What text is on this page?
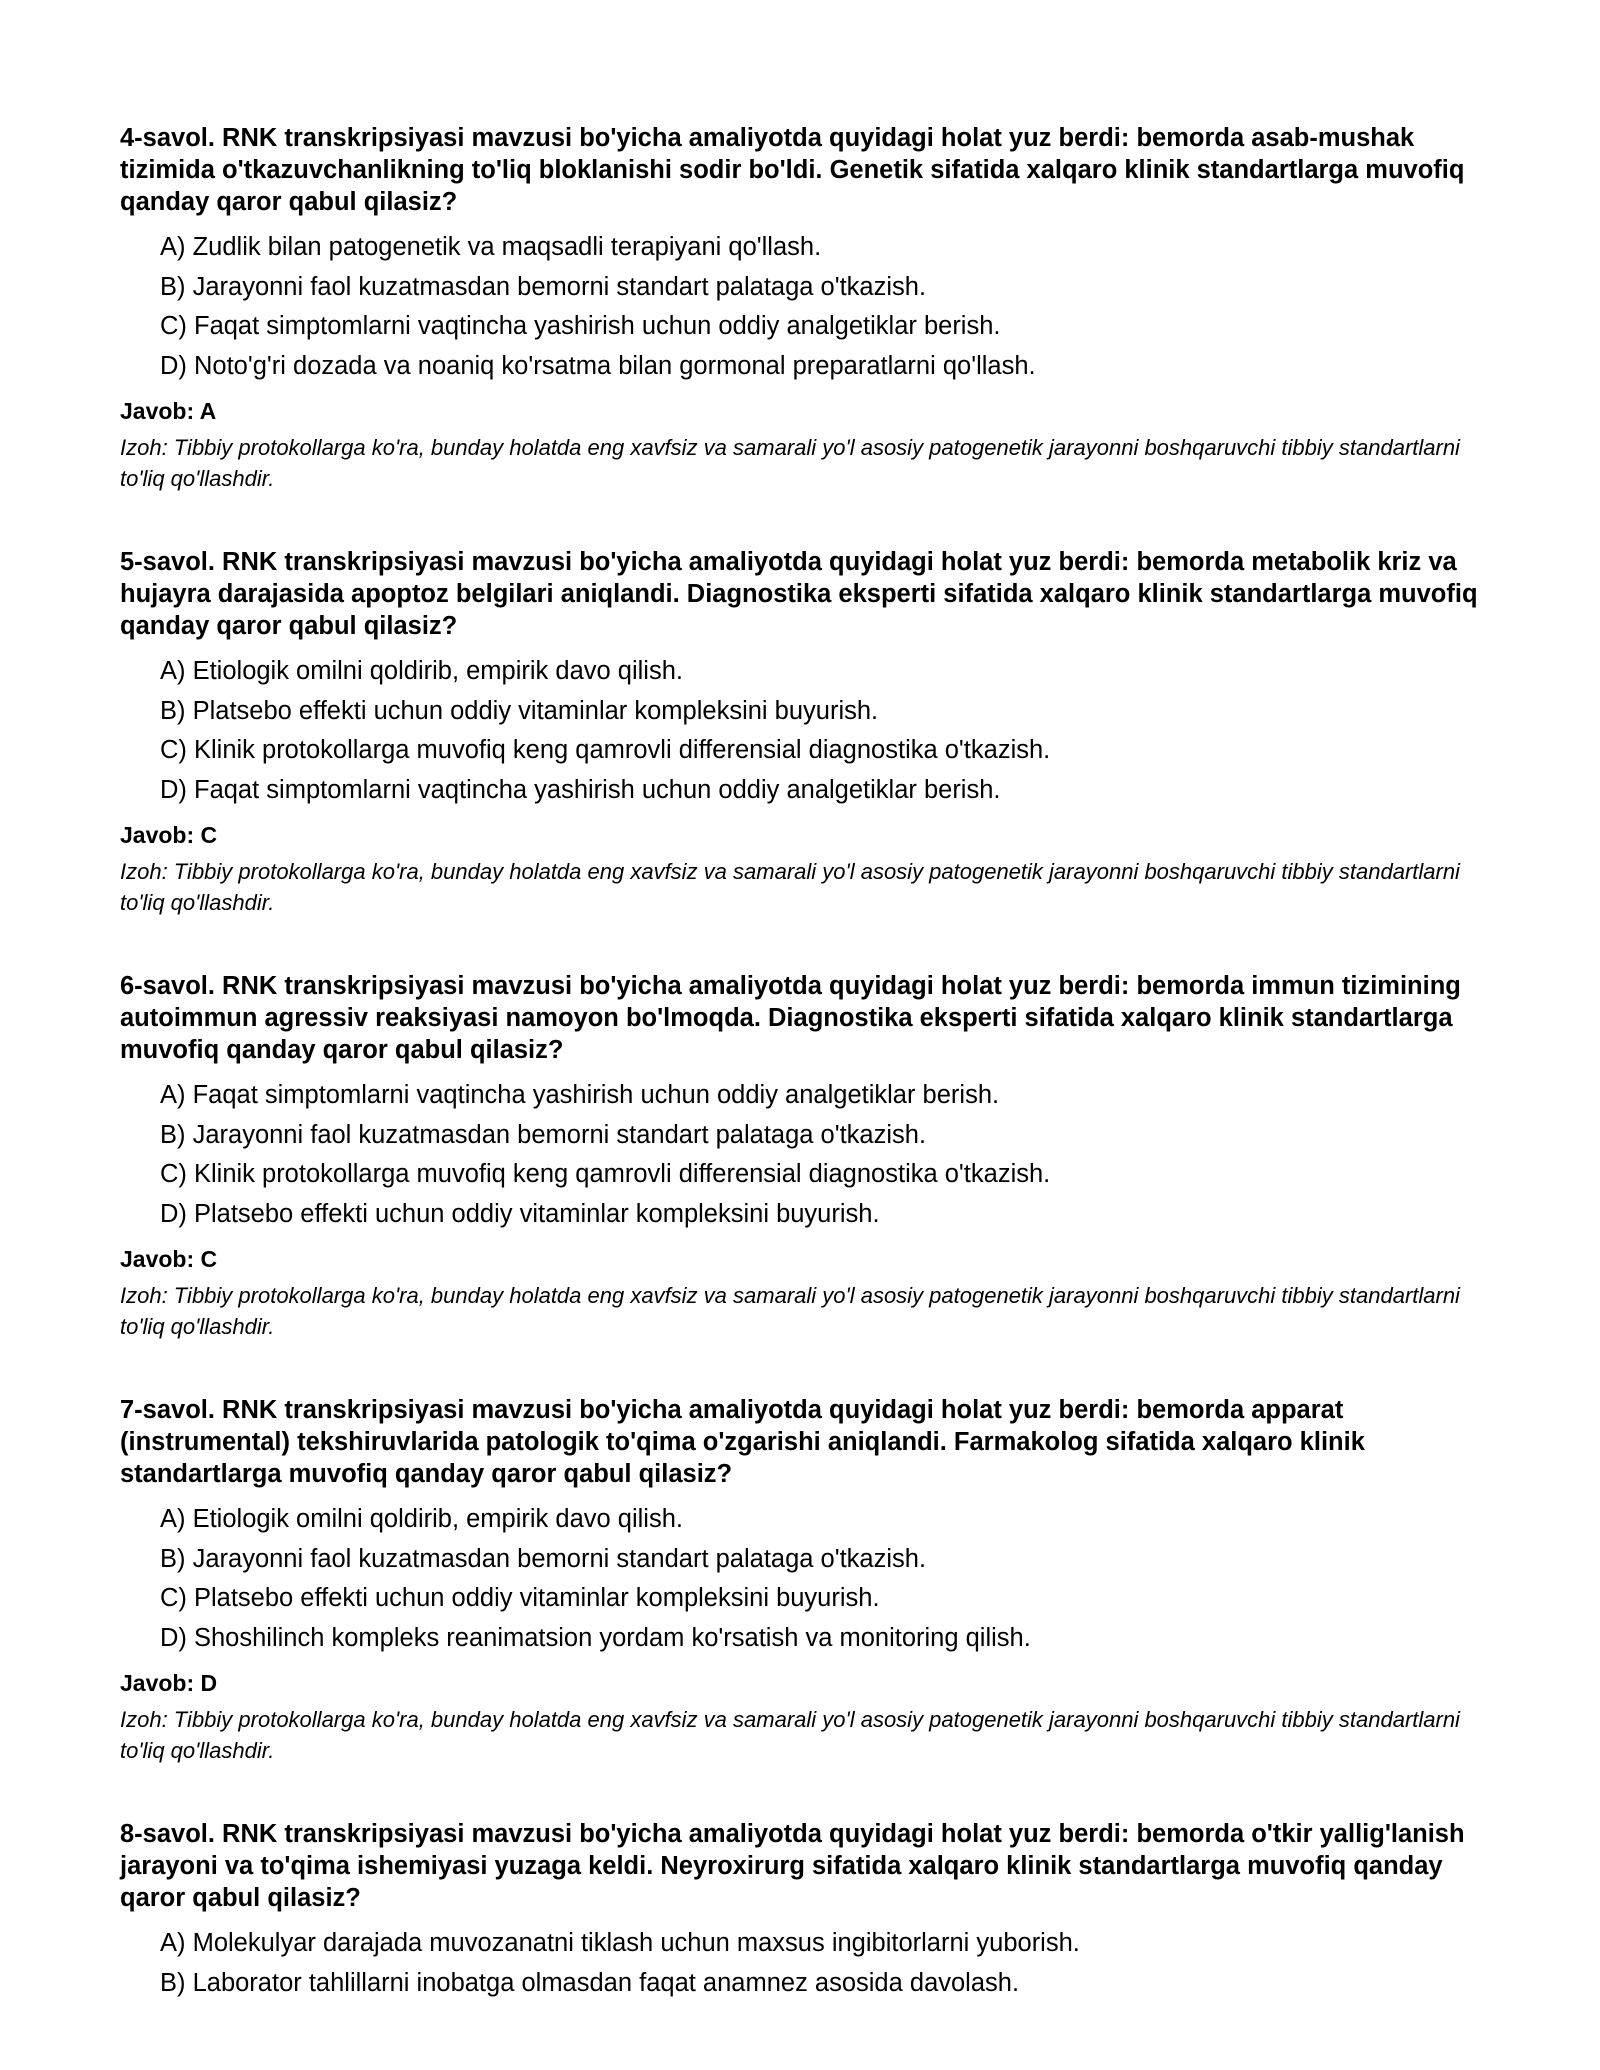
4-savol. RNK transkripsiyasi mavzusi bo'yicha amaliyotda quyidagi holat yuz berdi: bemorda asab-mushak tizimida o'tkazuvchanlikning to'liq bloklanishi sodir bo'ldi. Genetik sifatida xalqaro klinik standartlarga muvofiq qanday qaror qabul qilasiz?

A) Zudlik bilan patogenetik va maqsadli terapiyani qo'llash.
B) Jarayonni faol kuzatmasdan bemorni standart palataga o'tkazish.
C) Faqat simptomlarni vaqtincha yashirish uchun oddiy analgetiklar berish.
D) Noto'g'ri dozada va noaniq ko'rsatma bilan gormonal preparatlarni qo'llash.

Javob: A

Izoh: Tibbiy protokollarga ko'ra, bunday holatda eng xavfsiz va samarali yo'l asosiy patogenetik jarayonni boshqaruvchi tibbiy standartlarni to'liq qo'llashdir.

5-savol. RNK transkripsiyasi mavzusi bo'yicha amaliyotda quyidagi holat yuz berdi: bemorda metabolik kriz va hujayra darajasida apoptoz belgilari aniqlandi. Diagnostika eksperti sifatida xalqaro klinik standartlarga muvofiq qanday qaror qabul qilasiz?

A) Etiologik omilni qoldirib, empirik davo qilish.
B) Platsebo effekti uchun oddiy vitaminlar kompleksini buyurish.
C) Klinik protokollarga muvofiq keng qamrovli differensial diagnostika o'tkazish.
D) Faqat simptomlarni vaqtincha yashirish uchun oddiy analgetiklar berish.

Javob: C

Izoh: Tibbiy protokollarga ko'ra, bunday holatda eng xavfsiz va samarali yo'l asosiy patogenetik jarayonni boshqaruvchi tibbiy standartlarni to'liq qo'llashdir.

6-savol. RNK transkripsiyasi mavzusi bo'yicha amaliyotda quyidagi holat yuz berdi: bemorda immun tizimining autoimmun agressiv reaksiyasi namoyon bo'lmoqda. Diagnostika eksperti sifatida xalqaro klinik standartlarga muvofiq qanday qaror qabul qilasiz?

A) Faqat simptomlarni vaqtincha yashirish uchun oddiy analgetiklar berish.
B) Jarayonni faol kuzatmasdan bemorni standart palataga o'tkazish.
C) Klinik protokollarga muvofiq keng qamrovli differensial diagnostika o'tkazish.
D) Platsebo effekti uchun oddiy vitaminlar kompleksini buyurish.

Javob: C

Izoh: Tibbiy protokollarga ko'ra, bunday holatda eng xavfsiz va samarali yo'l asosiy patogenetik jarayonni boshqaruvchi tibbiy standartlarni to'liq qo'llashdir.

7-savol. RNK transkripsiyasi mavzusi bo'yicha amaliyotda quyidagi holat yuz berdi: bemorda apparat (instrumental) tekshiruvlarida patologik to'qima o'zgarishi aniqlandi. Farmakolog sifatida xalqaro klinik standartlarga muvofiq qanday qaror qabul qilasiz?

A) Etiologik omilni qoldirib, empirik davo qilish.
B) Jarayonni faol kuzatmasdan bemorni standart palataga o'tkazish.
C) Platsebo effekti uchun oddiy vitaminlar kompleksini buyurish.
D) Shoshilinch kompleks reanimatsion yordam ko'rsatish va monitoring qilish.

Javob: D

Izoh: Tibbiy protokollarga ko'ra, bunday holatda eng xavfsiz va samarali yo'l asosiy patogenetik jarayonni boshqaruvchi tibbiy standartlarni to'liq qo'llashdir.

8-savol. RNK transkripsiyasi mavzusi bo'yicha amaliyotda quyidagi holat yuz berdi: bemorda o'tkir yallig'lanish jarayoni va to'qima ishemiyasi yuzaga keldi. Neyroxirurg sifatida xalqaro klinik standartlarga muvofiq qanday qaror qabul qilasiz?

A) Molekulyar darajada muvozanatni tiklash uchun maxsus ingibitorlarni yuborish.
B) Laborator tahlillarni inobatga olmasdan faqat anamnez asosida davolash.
